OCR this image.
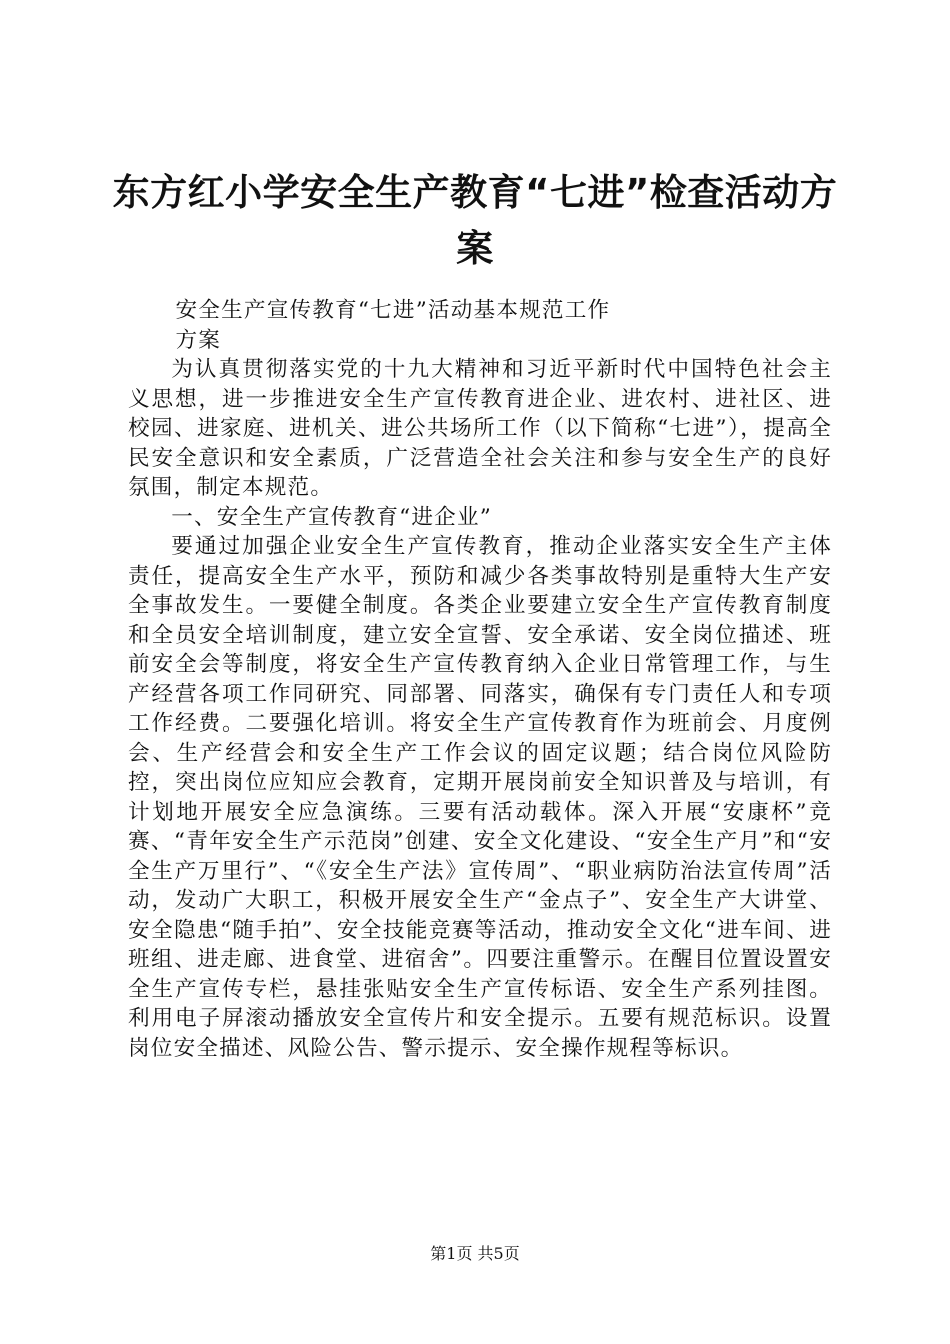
东方红小学安全生产教育“七进”检查活动方案

安全生产宣传教育“七进”活动基本规范工作方案

为认真贯彻落实党的十九大精神和习近平新时代中国特色社会主义思想，进一步推进安全生产宣传教育进企业、进农村、进社区、进校园、进家庭、进机关、进公共场所工作（以下简称“七进”），提高全民安全意识和安全素质，广泛营造全社会关注和参与安全生产的良好氛围，制定本规范。

一、安全生产宣传教育“进企业”

要通过加强企业安全生产宣传教育，推动企业落实安全生产主体责任，提高安全生产水平，预防和减少各类事故特别是重特大生产安全事故发生。一要健全制度。各类企业要建立安全生产宣传教育制度和全员安全培训制度，建立安全宣誓、安全承诺、安全岗位描述、班前安全会等制度，将安全生产宣传教育纳入企业日常管理工作，与生产经营各项工作同研究、同部署、同落实，确保有专门责任人和专项工作经费。二要强化培训。将安全生产宣传教育作为班前会、月度例会、生产经营会和安全生产工作会议的固定议题；结合岗位风险防控，突出岗位应知应会教育，定期开展岗前安全知识普及与培训，有计划地开展安全应急演练。三要有活动载体。深入开展“安康杯”竞赛、“青年安全生产示范岗”创建、安全文化建设、“安全生产月”和“安全生产万里行”、“《安全生产法》宣传周”、“职业病防治法宣传周”活动，发动广大职工，积极开展安全生产“金点子”、安全生产大讲堂、安全隐患“随手拍”、安全技能竞赛等活动，推动安全文化“进车间、进班组、进走廊、进食堂、进宿舍”。四要注重警示。在醒目位置设置安全生产宣传专栏，悬挂张贴安全生产宣传标语、安全生产系列挂图。利用电子屏滚动播放安全宣传片和安全提示。五要有规范标识。设置岗位安全描述、风险公告、警示提示、安全操作规程等标识。

第1页 共5页
